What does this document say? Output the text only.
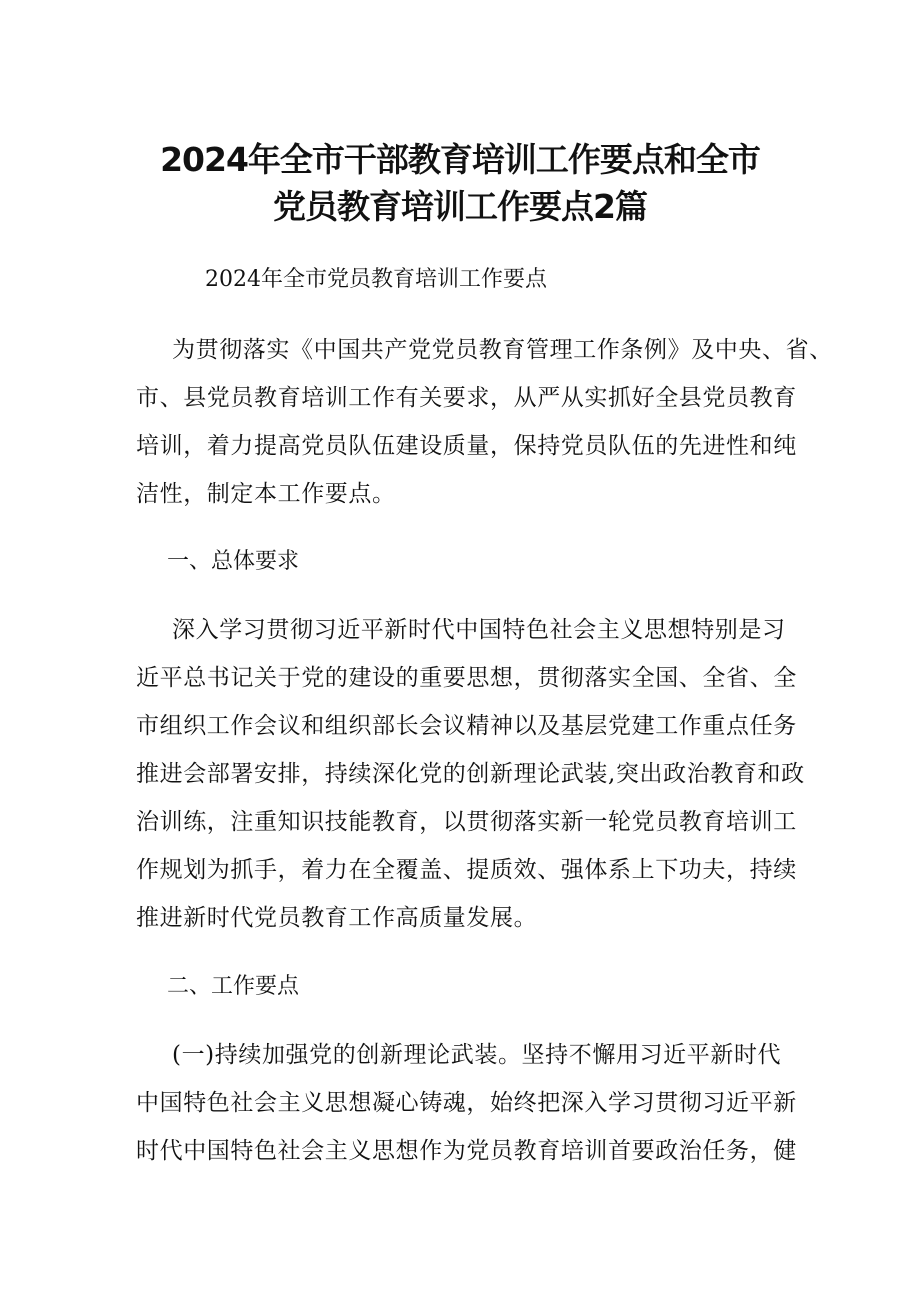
2024年全市干部教育培训工作要点和全市
党员教育培训工作要点2篇
2024年全市党员教育培训工作要点
为贯彻落实《中国共产党党员教育管理工作条例》及中央、省、
市、县党员教育培训工作有关要求，从严从实抓好全县党员教育
培训，着力提高党员队伍建设质量，保持党员队伍的先进性和纯
洁性，制定本工作要点。
一、总体要求
深入学习贯彻习近平新时代中国特色社会主义思想特别是习
近平总书记关于党的建设的重要思想，贯彻落实全国、全省、全
市组织工作会议和组织部长会议精神以及基层党建工作重点任务
推进会部署安排，持续深化党的创新理论武装,突出政治教育和政
治训练，注重知识技能教育，以贯彻落实新一轮党员教育培训工
作规划为抓手，着力在全覆盖、提质效、强体系上下功夫，持续
推进新时代党员教育工作高质量发展。
二、工作要点
(一)持续加强党的创新理论武装。坚持不懈用习近平新时代
中国特色社会主义思想凝心铸魂，始终把深入学习贯彻习近平新
时代中国特色社会主义思想作为党员教育培训首要政治任务，健
